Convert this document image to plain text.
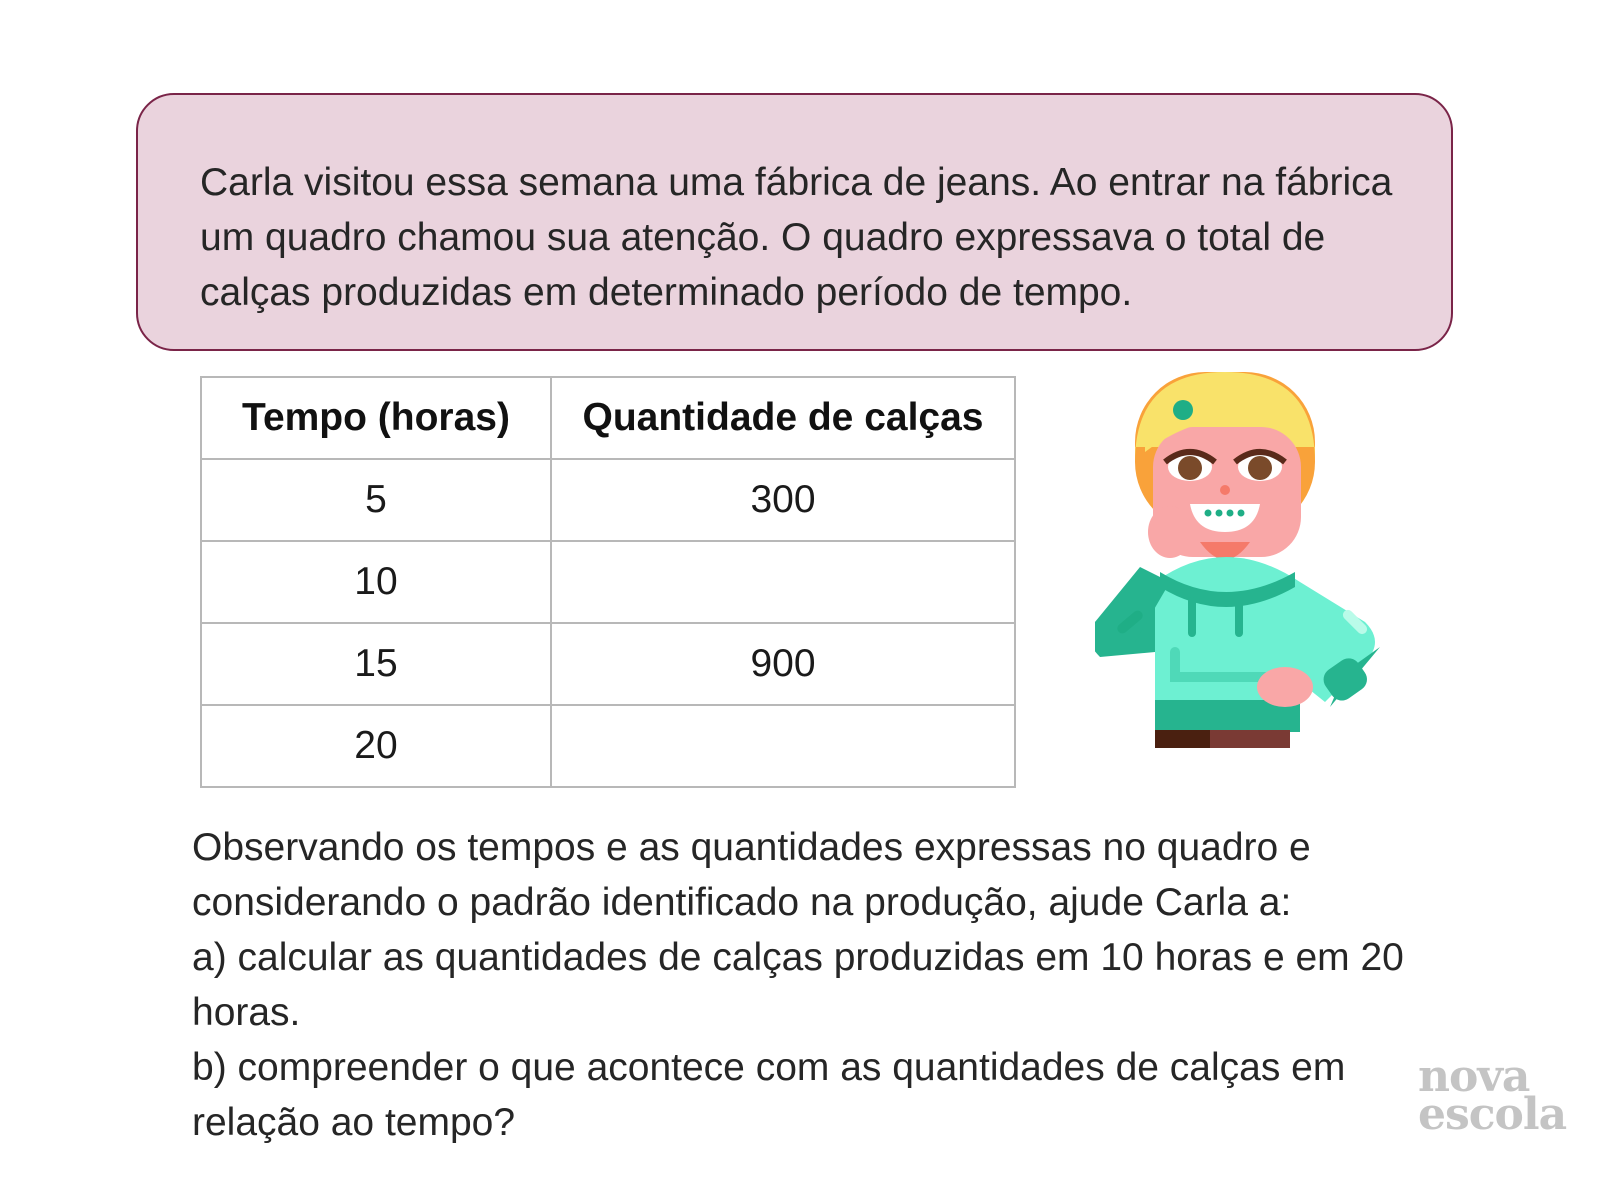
Carla visitou essa semana uma fábrica de jeans. Ao entrar na fábrica um quadro chamou sua atenção. O quadro expressava o total de calças produzidas em determinado período de tempo.

Tempo (horas)	Quantidade de calças
5	300
10	
15	900
20	

Observando os tempos e as quantidades expressas no quadro e considerando o padrão identificado na produção, ajude Carla a:

a) calcular as quantidades de calças produzidas em 10 horas e em 20 horas.

b) compreender o que acontece com as quantidades de calças em relação ao tempo?

nova
escola
